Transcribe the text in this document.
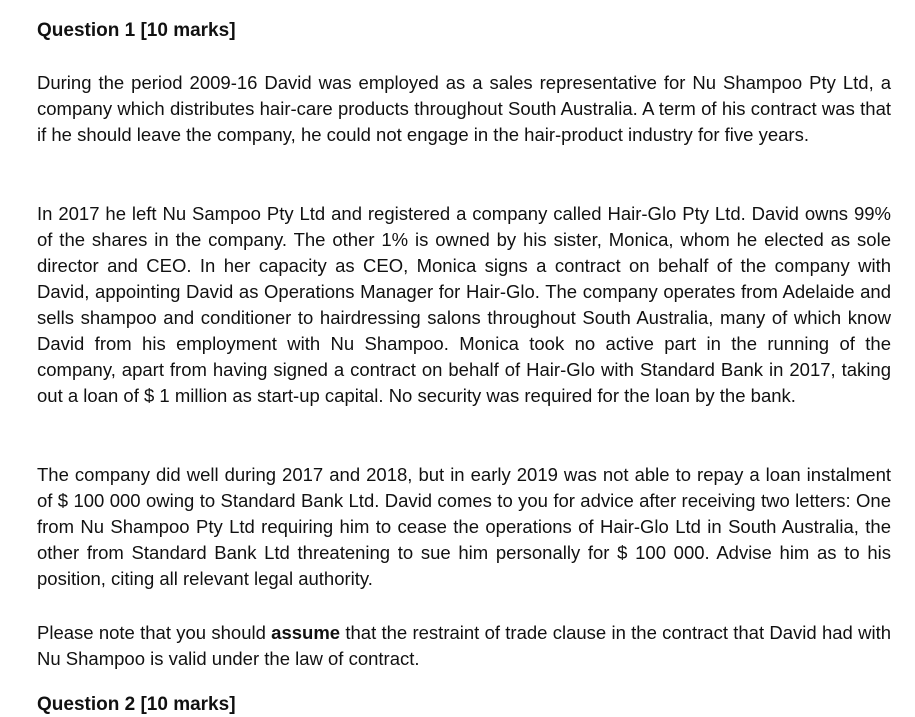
Question 1 [10 marks]

During the period 2009-16 David was employed as a sales representative for Nu Shampoo Pty Ltd, a company which distributes hair-care products throughout South Australia. A term of his contract was that if he should leave the company, he could not engage in the hair-product industry for five years.

In 2017 he left Nu Sampoo Pty Ltd and registered a company called Hair-Glo Pty Ltd. David owns 99% of the shares in the company. The other 1% is owned by his sister, Monica, whom he elected as sole director and CEO. In her capacity as CEO, Monica signs a contract on behalf of the company with David, appointing David as Operations Manager for Hair-Glo. The company operates from Adelaide and sells shampoo and conditioner to hairdressing salons throughout South Australia, many of which know David from his employment with Nu Shampoo. Monica took no active part in the running of the company, apart from having signed a contract on behalf of Hair-Glo with Standard Bank in 2017, taking out a loan of $ 1 million as start-up capital. No security was required for the loan by the bank.

The company did well during 2017 and 2018, but in early 2019 was not able to repay a loan instalment of $ 100 000 owing to Standard Bank Ltd. David comes to you for advice after receiving two letters: One from Nu Shampoo Pty Ltd requiring him to cease the operations of Hair-Glo Ltd in South Australia, the other from Standard Bank Ltd threatening to sue him personally for $ 100 000. Advise him as to his position, citing all relevant legal authority.

Please note that you should assume that the restraint of trade clause in the contract that David had with Nu Shampoo is valid under the law of contract.

Question 2 [10 marks]
